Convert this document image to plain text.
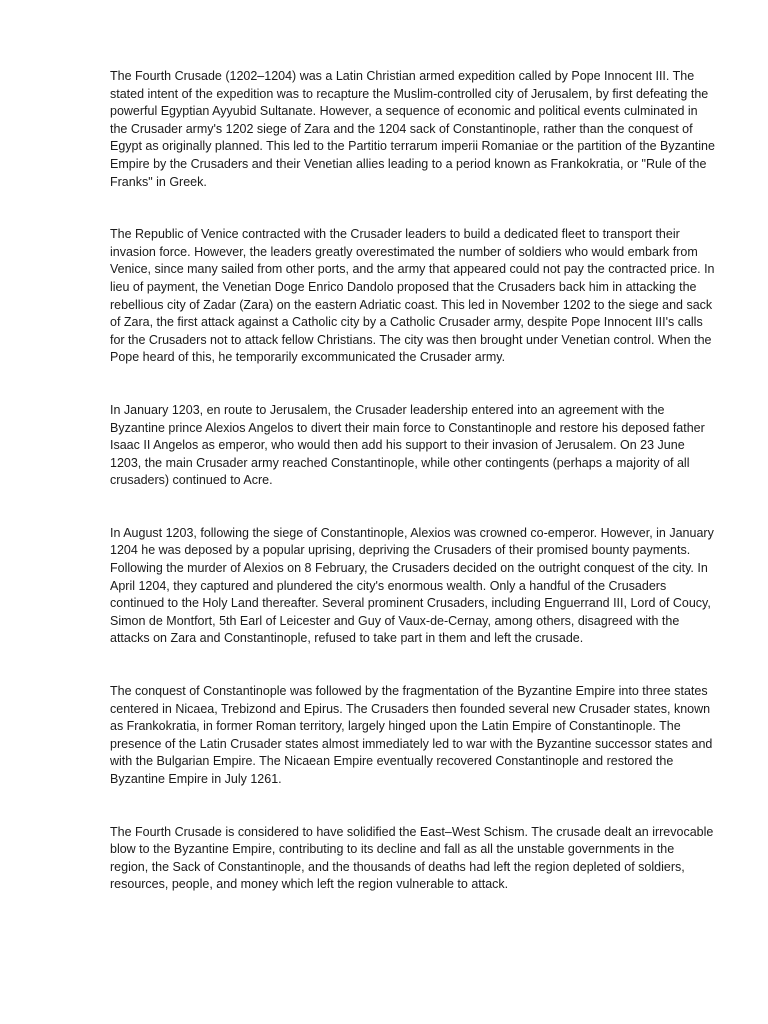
The Fourth Crusade (1202–1204) was a Latin Christian armed expedition called by Pope Innocent III. The stated intent of the expedition was to recapture the Muslim-controlled city of Jerusalem, by first defeating the powerful Egyptian Ayyubid Sultanate. However, a sequence of economic and political events culminated in the Crusader army's 1202 siege of Zara and the 1204 sack of Constantinople, rather than the conquest of Egypt as originally planned. This led to the Partitio terrarum imperii Romaniae or the partition of the Byzantine Empire by the Crusaders and their Venetian allies leading to a period known as Frankokratia, or "Rule of the Franks" in Greek.

The Republic of Venice contracted with the Crusader leaders to build a dedicated fleet to transport their invasion force. However, the leaders greatly overestimated the number of soldiers who would embark from Venice, since many sailed from other ports, and the army that appeared could not pay the contracted price. In lieu of payment, the Venetian Doge Enrico Dandolo proposed that the Crusaders back him in attacking the rebellious city of Zadar (Zara) on the eastern Adriatic coast. This led in November 1202 to the siege and sack of Zara, the first attack against a Catholic city by a Catholic Crusader army, despite Pope Innocent III's calls for the Crusaders not to attack fellow Christians. The city was then brought under Venetian control. When the Pope heard of this, he temporarily excommunicated the Crusader army.

In January 1203, en route to Jerusalem, the Crusader leadership entered into an agreement with the Byzantine prince Alexios Angelos to divert their main force to Constantinople and restore his deposed father Isaac II Angelos as emperor, who would then add his support to their invasion of Jerusalem. On 23 June 1203, the main Crusader army reached Constantinople, while other contingents (perhaps a majority of all crusaders) continued to Acre.

In August 1203, following the siege of Constantinople, Alexios was crowned co-emperor. However, in January 1204 he was deposed by a popular uprising, depriving the Crusaders of their promised bounty payments. Following the murder of Alexios on 8 February, the Crusaders decided on the outright conquest of the city. In April 1204, they captured and plundered the city's enormous wealth. Only a handful of the Crusaders continued to the Holy Land thereafter. Several prominent Crusaders, including Enguerrand III, Lord of Coucy, Simon de Montfort, 5th Earl of Leicester and Guy of Vaux-de-Cernay, among others, disagreed with the attacks on Zara and Constantinople, refused to take part in them and left the crusade.

The conquest of Constantinople was followed by the fragmentation of the Byzantine Empire into three states centered in Nicaea, Trebizond and Epirus. The Crusaders then founded several new Crusader states, known as Frankokratia, in former Roman territory, largely hinged upon the Latin Empire of Constantinople. The presence of the Latin Crusader states almost immediately led to war with the Byzantine successor states and with the Bulgarian Empire. The Nicaean Empire eventually recovered Constantinople and restored the Byzantine Empire in July 1261.

The Fourth Crusade is considered to have solidified the East–West Schism. The crusade dealt an irrevocable blow to the Byzantine Empire, contributing to its decline and fall as all the unstable governments in the region, the Sack of Constantinople, and the thousands of deaths had left the region depleted of soldiers, resources, people, and money which left the region vulnerable to attack.
